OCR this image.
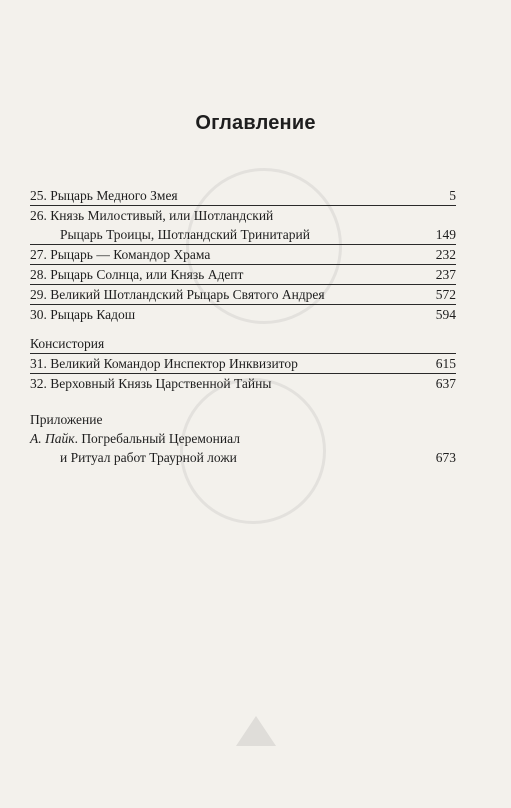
Оглавление
25. Рыцарь Медного Змея	5
26. Князь Милостивый, или Шотландский
Рыцарь Троицы, Шотландский Тринитарий	149
27. Рыцарь — Командор Храма	232
28. Рыцарь Солнца, или Князь Адепт	237
29. Великий Шотландский Рыцарь Святого Андрея	572
30. Рыцарь Кадош	594
Консистория
31. Великий Командор Инспектор Инквизитор	615
32. Верховный Князь Царственной Тайны	637
Приложение
А. Пайк. Погребальный Церемониал
и Ритуал работ Траурной ложи	673
